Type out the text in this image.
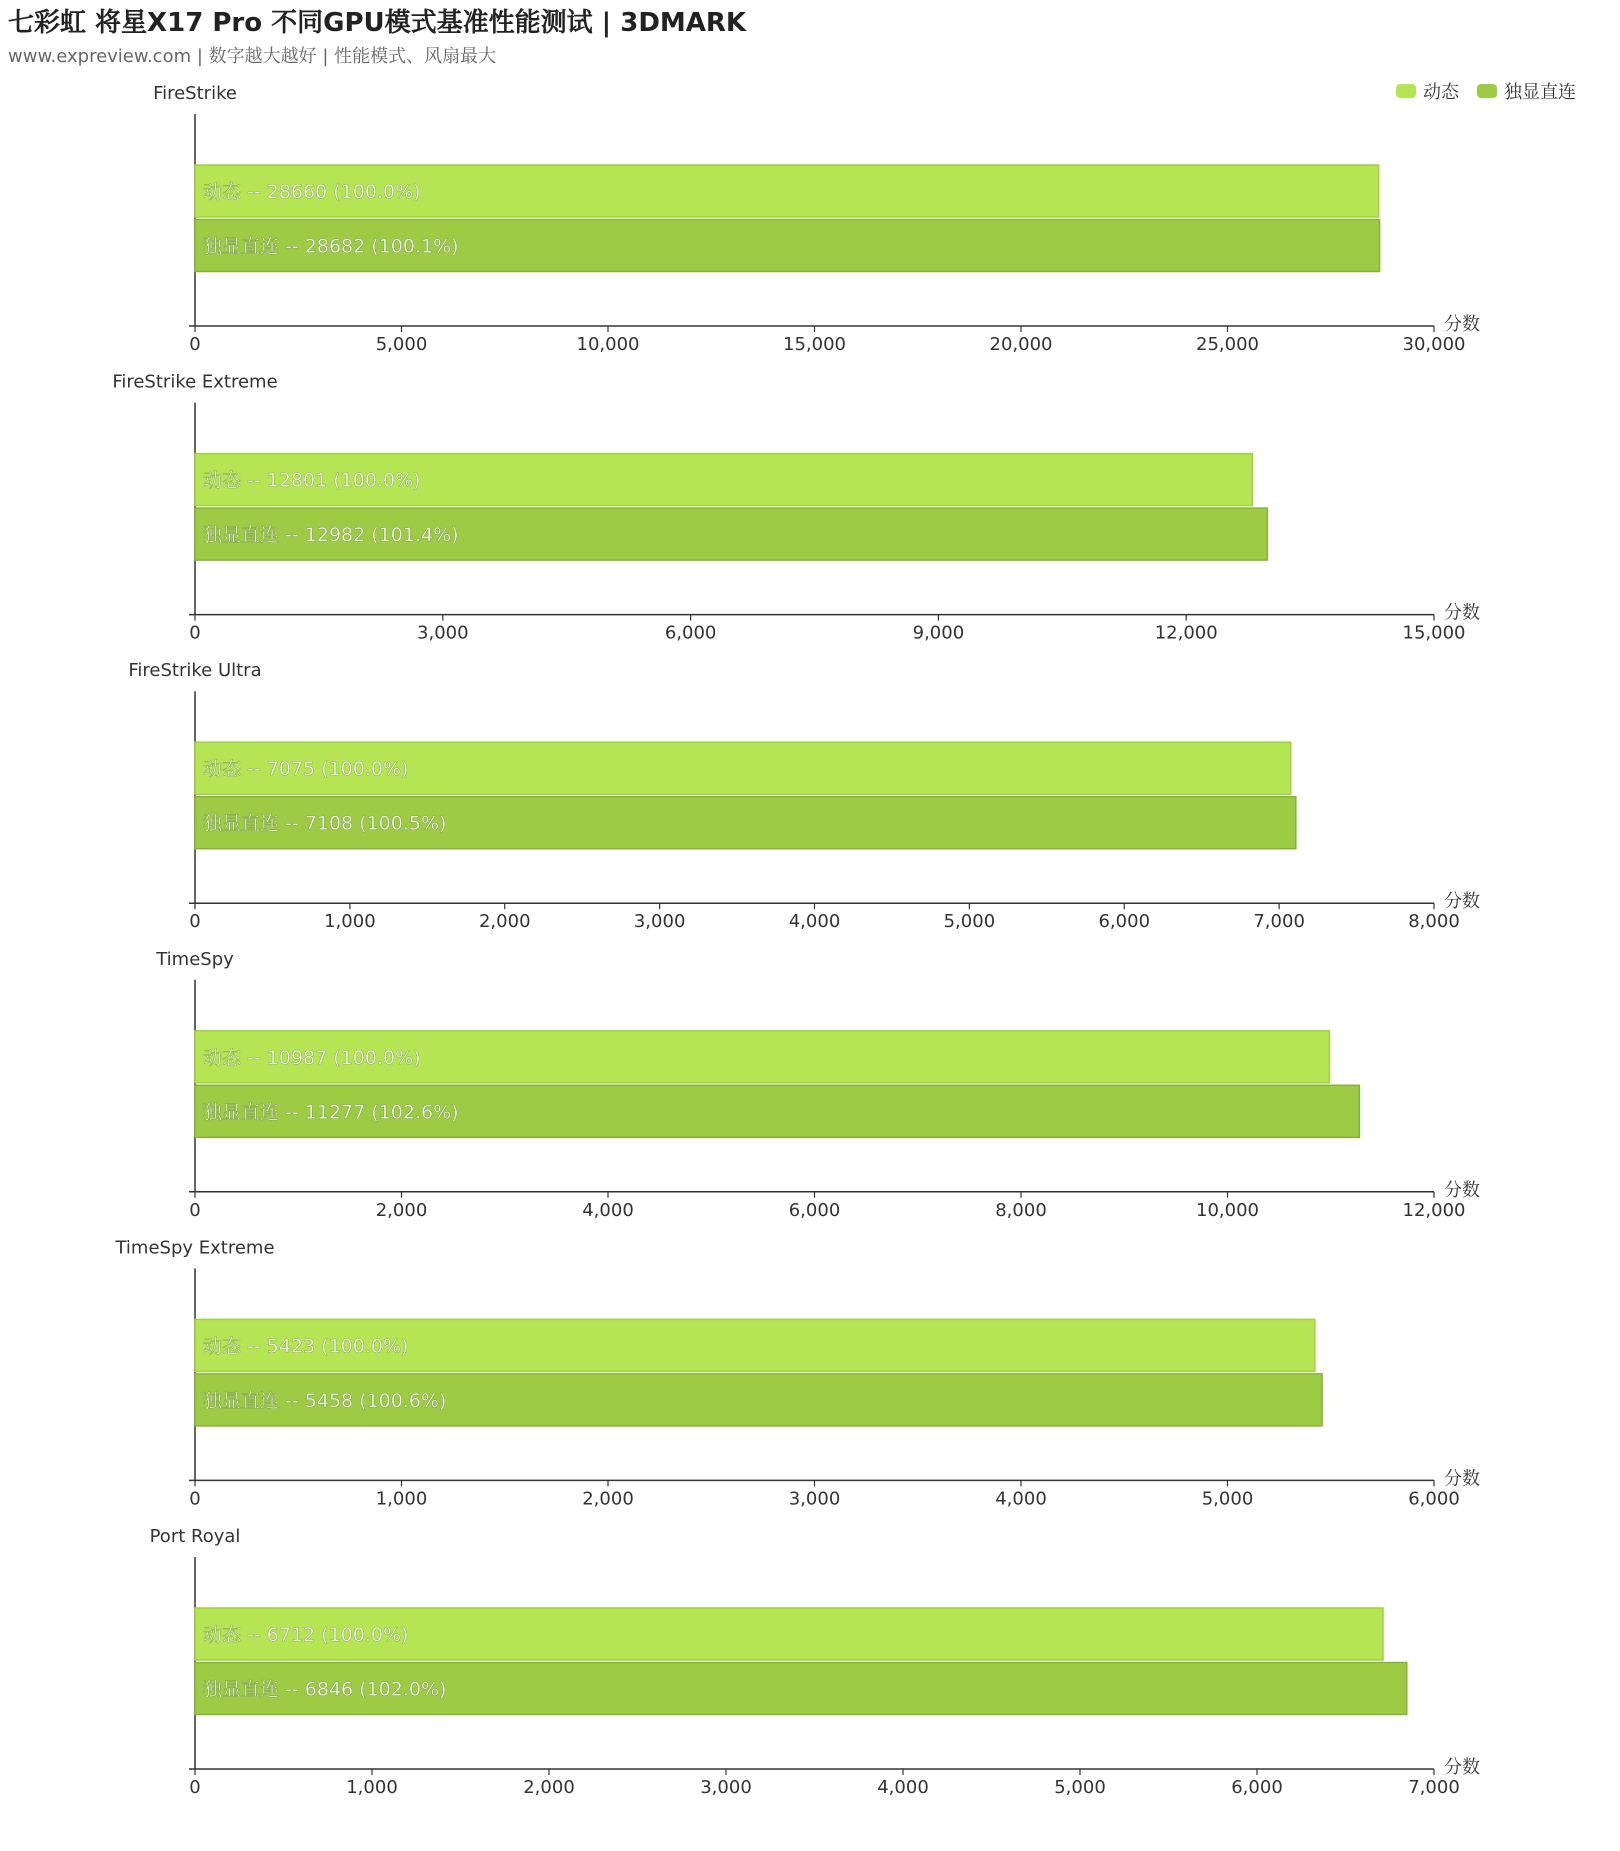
七彩虹 将星X17 Pro 不同GPU模式基准性能测试 | 3DMARK
www.expreview.com | 数字越大越好 | 性能模式、风扇最大
动态	独显直连
FireStrike
0	5,000	10,000	15,000	20,000	25,000	30,000
分数
动态 -- 28660 (100.0%)
独显直连 -- 28682 (100.1%)
FireStrike Extreme
0	3,000	6,000	9,000	12,000	15,000
分数
动态 -- 12801 (100.0%)
独显直连 -- 12982 (101.4%)
FireStrike Ultra
0	1,000	2,000	3,000	4,000	5,000	6,000	7,000	8,000
分数
动态 -- 7075 (100.0%)
独显直连 -- 7108 (100.5%)
TimeSpy
0	2,000	4,000	6,000	8,000	10,000	12,000
分数
动态 -- 10987 (100.0%)
独显直连 -- 11277 (102.6%)
TimeSpy Extreme
0	1,000	2,000	3,000	4,000	5,000	6,000
分数
动态 -- 5423 (100.0%)
独显直连 -- 5458 (100.6%)
Port Royal
0	1,000	2,000	3,000	4,000	5,000	6,000	7,000
分数
动态 -- 6712 (100.0%)
独显直连 -- 6846 (102.0%)
